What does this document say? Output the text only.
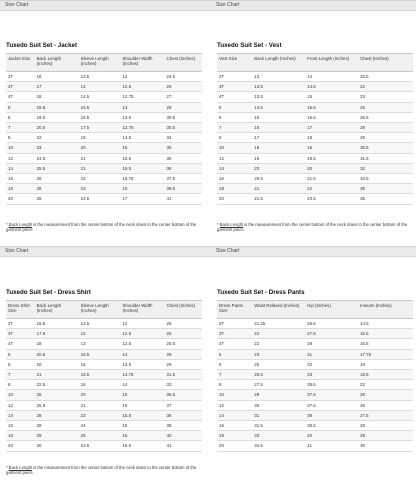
Size Chart	Size Chart
Size Chart	Size Chart
Tuxedo Suit Set - Jacket
Jacket Size	Back Length (Inches)	Sleeve Length (Inches)	Shoulder Width (Inches)	Chest (Inches)
2T	16	13.5	12	24.5
3T	17	14	12.5	26
4T	18	14.5	12.75	27
5	19.5	15.5	13	29
6	19.5	16.5	13.5	30.5
7	20.5	17.5	13.75	30.5
8	22	19	14.5	34
10	23	20	15	35
12	24.5	21	15.5	36
14	25.5	21	15.5	36
16	26	22	15.75	37.5
18	28	23	16	39.5
20	28	24.5	17	41
* Back Length is the measurement from the center bottom of the neck down to the center bottom of the garment piece.
Tuxedo Suit Set - Vest
Vest Size	Back Length (Inches)	Front Length (Inches)	Chest (Inches)
2T	13	14	20.5
3T	13.5	14.5	22
4T	13.5	15	23
5	14.5	15.5	25
6	15	16.5	26.5
7	16	17	28
8	17	18	29
10	18	19	30.5
12	19	19.5	31.5
14	20	20	32
16	20.5	21.5	34.5
18	21	22	35
20	21.5	23.5	36
* Back Length is the measurement from the center bottom of the neck down to the center bottom of the garment piece.
Tuxedo Suit Set - Dress Shirt
Dress Shirt Size	Back Length (Inches)	Sleeve Length (Inches)	Shoulder Width (Inches)	Chest (Inches)
2T	16.5	12.5	12	25
3T	17.5	12	12.5	26
4T	18	13	12.5	26.5
5	20.5	15.5	13	28
6	20	16	13.5	29
7	21	16.5	13.75	31.5
8	22.5	18	14	33
10	25	20	15	35.5
12	26.5	21	15	37
14	28	23	15.5	38
16	29	24	16	39
18	29	25	16	40
20	30	23.5	16.5	41
* Back Length is the measurement from the center bottom of the neck down to the center bottom of the garment piece.
Tuxedo Suit Set - Dress Pants
Dress Pants Size	Waist Relaxed (Inches)	Hip (Inches)	Inseam (Inches)
2T	21.25	26.5	14.5
3T	22	27.5	15.5
4T	22	28	16.5
5	23	31	17.75
6	25	32	19
7	26.5	33	19.5
8	27.5	35.5	22
10	29	37.5	26
12	30	37.5	26
14	31	38	27.5
16	31.5	39.5	28
18	33	40	29
20	34.5	41	30
